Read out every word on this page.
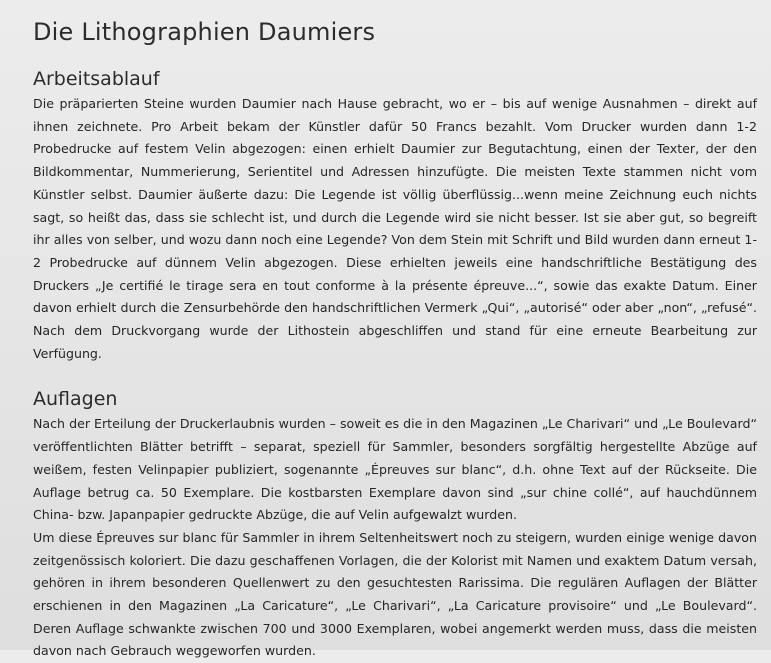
Die Lithographien Daumiers
Arbeitsablauf

Die präparierten Steine wurden Daumier nach Hause gebracht, wo er – bis auf wenige Ausnahmen – direkt auf ihnen zeichnete. Pro Arbeit bekam der Künstler dafür 50 Francs bezahlt. Vom Drucker wurden dann 1-2 Probedrucke auf festem Velin abgezogen: einen erhielt Daumier zur Begutachtung, einen der Texter, der den Bildkommentar, Nummerierung, Serientitel und Adressen hinzufügte. Die meisten Texte stammen nicht vom Künstler selbst. Daumier äußerte dazu: Die Legende ist völlig überflüssig...wenn meine Zeichnung euch nichts sagt, so heißt das, dass sie schlecht ist, und durch die Legende wird sie nicht besser. Ist sie aber gut, so begreift ihr alles von selber, und wozu dann noch eine Legende? Von dem Stein mit Schrift und Bild wurden dann erneut 1-2 Probedrucke auf dünnem Velin abgezogen. Diese erhielten jeweils eine handschriftliche Bestätigung des Druckers „Je certifié le tirage sera en tout conforme à la présente épreuve...“, sowie das exakte Datum. Einer davon erhielt durch die Zensurbehörde den handschriftlichen Vermerk „Qui“, „autorisé“ oder aber „non“, „refusé“. Nach dem Druckvorgang wurde der Lithostein abgeschliffen und stand für eine erneute Bearbeitung zur Verfügung.

Auflagen

Nach der Erteilung der Druckerlaubnis wurden – soweit es die in den Magazinen „Le Charivari“ und „Le Boulevard“ veröffentlichten Blätter betrifft – separat, speziell für Sammler, besonders sorgfältig hergestellte Abzüge auf weißem, festen Velinpapier publiziert, sogenannte „Épreuves sur blanc“, d.h. ohne Text auf der Rückseite. Die Auflage betrug ca. 50 Exemplare. Die kostbarsten Exemplare davon sind „sur chine collé“, auf hauchdünnem China- bzw. Japanpapier gedruckte Abzüge, die auf Velin aufgewalzt wurden.

Um diese Épreuves sur blanc für Sammler in ihrem Seltenheitswert noch zu steigern, wurden einige wenige davon zeitgenössisch koloriert. Die dazu geschaffenen Vorlagen, die der Kolorist mit Namen und exaktem Datum versah, gehören in ihrem besonderen Quellenwert zu den gesuchtesten Rarissima. Die regulären Auflagen der Blätter erschienen in den Magazinen „La Caricature“, „Le Charivari“, „La Caricature provisoire“ und „Le Boulevard“. Deren Auflage schwankte zwischen 700 und 3000 Exemplaren, wobei angemerkt werden muss, dass die meisten davon nach Gebrauch weggeworfen wurden.
